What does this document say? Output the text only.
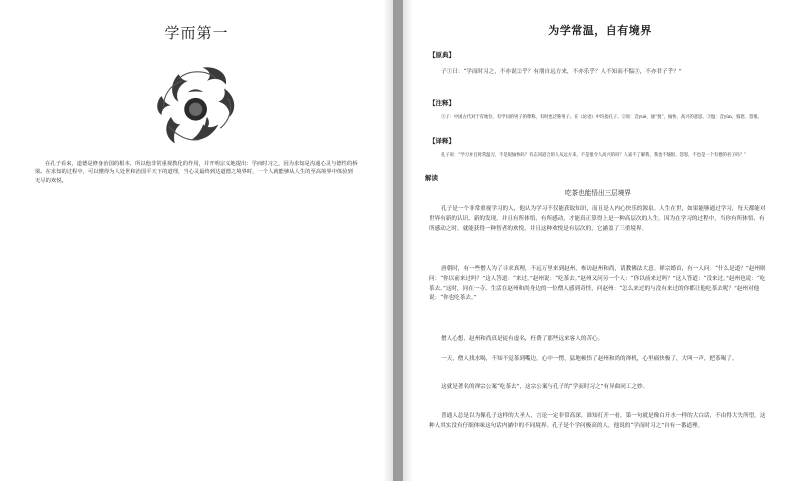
学而第一

在孔子看来，道德是修身治国的根本，所以他非常重视教化的作用，并开明宗义地提出：学而时习之，因为求知是沟通心灵与德性的桥梁。在求知的过程中，可以懂得为人处世和治国平天下的道理，当心灵最终到达道德之境界时，一个人就能够从人生的至高境界中体验到无尽的欢悦。

为学常温，自有境界

【原典】

子①曰：“学而时习之，不亦说②乎？有朋自远方来，不亦乐乎？人不知而不愠③，不亦君子乎？”

【注释】

①子：中国古代对于有地位、有学问的男子的尊称，有时也泛称男子。在《论语》中均指孔子。②说：音yuè，通“悦”，愉快、高兴的意思。③愠：音yùn，恼怒、怨恨。

【译释】

孔子说：“学习并且时常温习，不是很愉快吗？有志同道合的人从远方来，不是很令人高兴的吗？人家不了解我，我也不恼恨、怨怒，不也是一个有德的君子吗？”

解读

吃茶也能悟出三层境界

孔子是一个非常重视学习的人，他认为学习不仅能获取知识，而且是人内心快乐的源泉。人生在世，如果能够通过学习，每天都能对世界有新的认识、新的发现，并且有所体悟、有所感动，才能真正算得上是一种高层次的人生。因为在学习的过程中，当你有所体悟、有所感动之时，就能获得一种智者的欢悦，并且这种欢悦是有层次的，它涵盖了三重境界。

唐朝时，有一些僧人为了寻求真理，不远万里来到赵州，参访赵州和尚，请教佛法大意。禅宗婚首，有一人问：“什么是道？”赵州则问：“你以前来过吗？”这人答道：“来过。”赵州说：“吃茶去。”赵州又问另一个人：“你以前来过吗？”这人答道：“没来过。”赵州也说：“吃茶去。”这时，同在一寺、生活在赵州和尚身边的一位僧人感到奇怪，问赵州：“怎么来过的与没有来过的你都让他吃茶去呢？”赵州对他说：“你也吃茶去。”

僧人心想，赵州和尚真是徒有虚名，枉费了那些远来客人的苦心。

一天，僧人找水喝，不知不觉茶到嘴边，心中一愣，猛地顿悟了赵州和尚的禅机，心里痛快极了，大叫一声，把茶喝了。

这就是著名的禅宗公案“吃茶去”，这宗公案与孔子的“学而时习之”有异曲同工之妙。

普通人总是以为像孔子这样的大圣人，言论一定非常高深。谁知打开一看，第一句就是像白开水一样的大白话，不由得大失所望。这种人其实没有仔细体味这句话内涵中的不同境界。孔子是个学问极高的人，他说的“学而时习之”自有一番道理。
